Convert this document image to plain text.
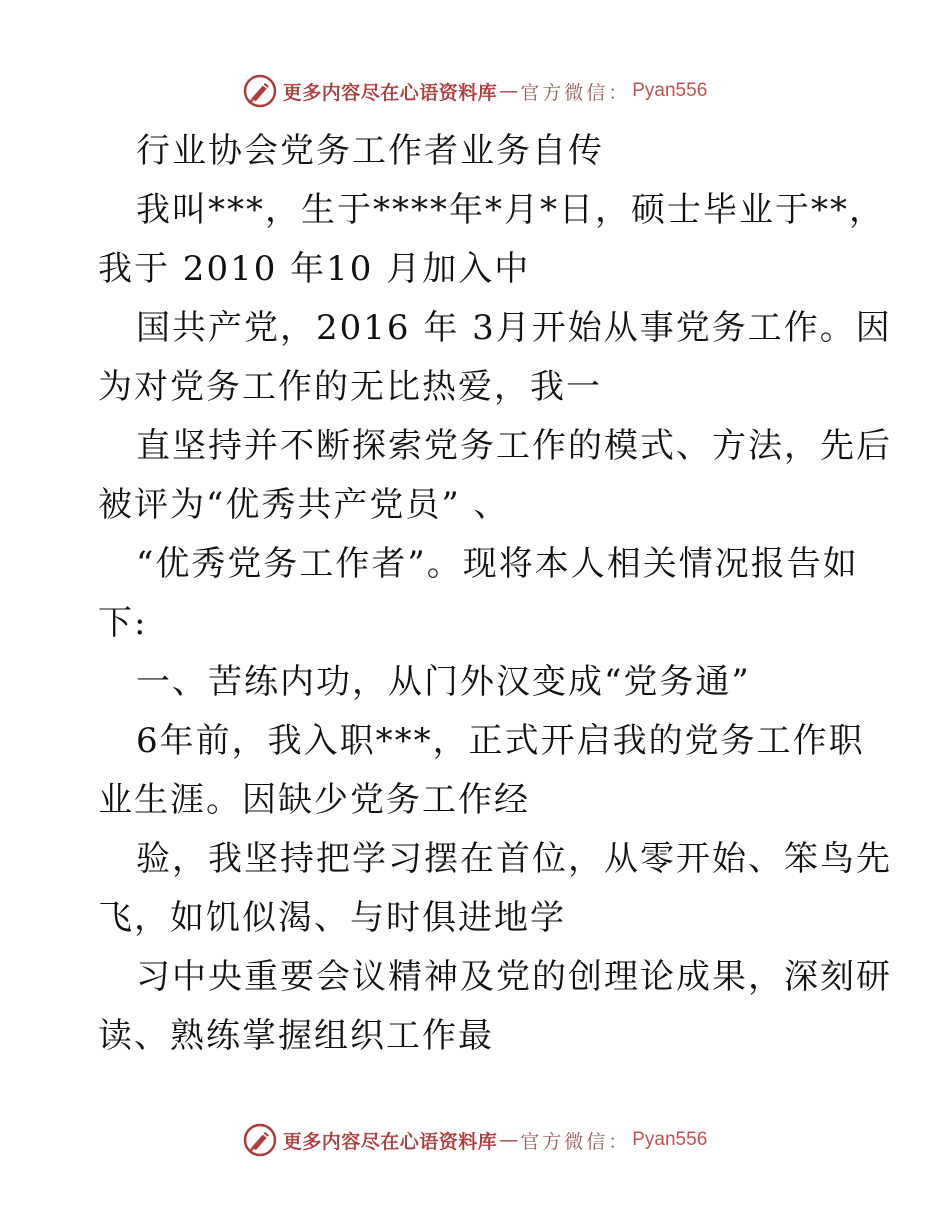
更多内容尽在心语资料库 — 官方微信： Pyan556
行业协会党务工作者业务自传
我叫***，生于****年*月*日，硕士毕业于**，
我于 2010 年10 月加入中
国共产党，2016 年 3月开始从事党务工作。因
为对党务工作的无比热爱，我一
直坚持并不断探索党务工作的模式、方法，先后
被评为“优秀共产党员” 、
“优秀党务工作者”。现将本人相关情况报告如
下:
一、苦练内功，从门外汉变成“党务通”
6年前，我入职***，正式开启我的党务工作职
业生涯。因缺少党务工作经
验，我坚持把学习摆在首位，从零开始、笨鸟先
飞，如饥似渴、与时俱进地学
习中央重要会议精神及党的创理论成果，深刻研
读、熟练掌握组织工作最
更多内容尽在心语资料库 — 官方微信： Pyan556
